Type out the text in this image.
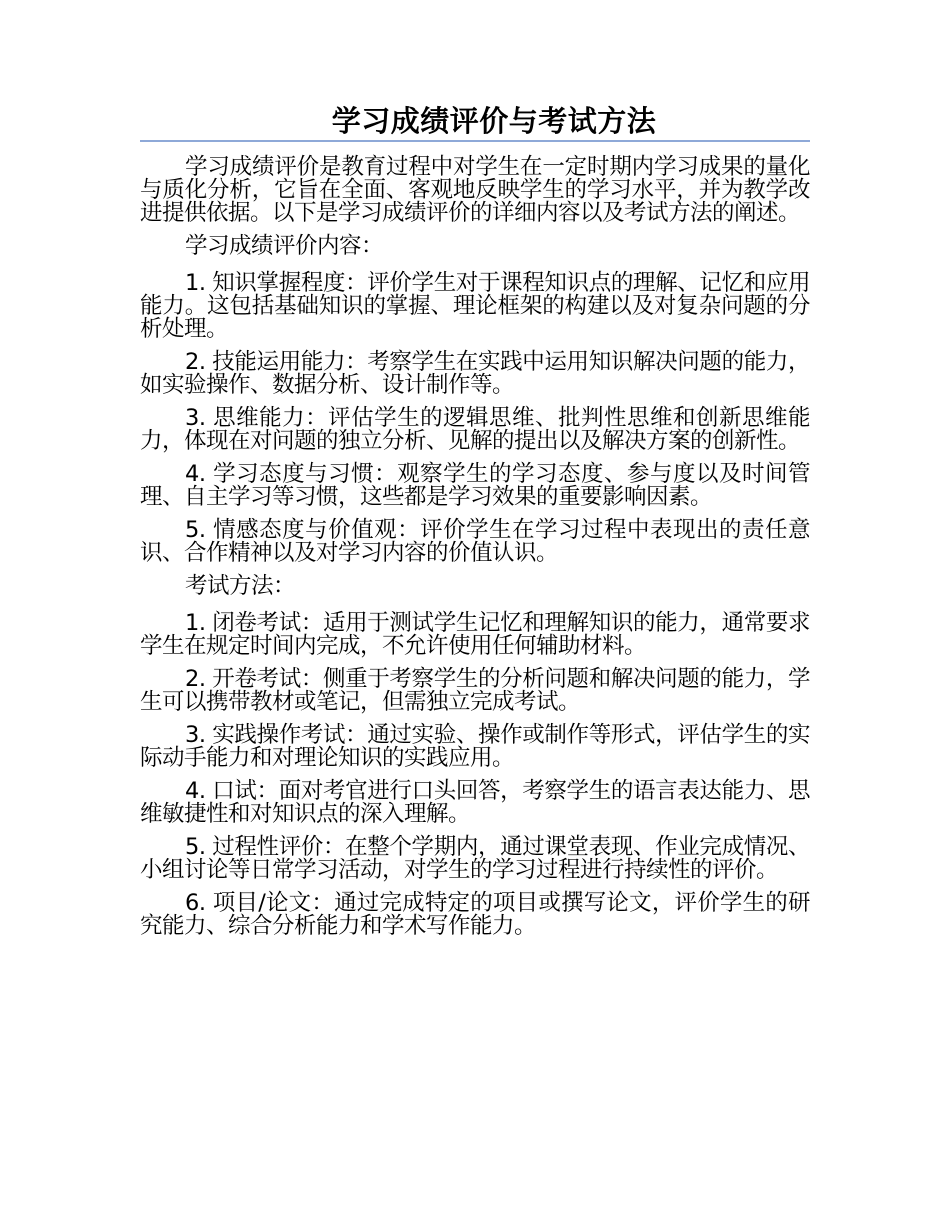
学习成绩评价与考试方法

学习成绩评价是教育过程中对学生在一定时期内学习成果的量化与质化分析，它旨在全面、客观地反映学生的学习水平，并为教学改进提供依据。以下是学习成绩评价的详细内容以及考试方法的阐述。

学习成绩评价内容：

1. 知识掌握程度：评价学生对于课程知识点的理解、记忆和应用能力。这包括基础知识的掌握、理论框架的构建以及对复杂问题的分析处理。

2. 技能运用能力：考察学生在实践中运用知识解决问题的能力，如实验操作、数据分析、设计制作等。

3. 思维能力：评估学生的逻辑思维、批判性思维和创新思维能力，体现在对问题的独立分析、见解的提出以及解决方案的创新性。

4. 学习态度与习惯：观察学生的学习态度、参与度以及时间管理、自主学习等习惯，这些都是学习效果的重要影响因素。

5. 情感态度与价值观：评价学生在学习过程中表现出的责任意识、合作精神以及对学习内容的价值认识。

考试方法：

1. 闭卷考试：适用于测试学生记忆和理解知识的能力，通常要求学生在规定时间内完成，不允许使用任何辅助材料。

2. 开卷考试：侧重于考察学生的分析问题和解决问题的能力，学生可以携带教材或笔记，但需独立完成考试。

3. 实践操作考试：通过实验、操作或制作等形式，评估学生的实际动手能力和对理论知识的实践应用。

4. 口试：面对考官进行口头回答，考察学生的语言表达能力、思维敏捷性和对知识点的深入理解。

5. 过程性评价：在整个学期内，通过课堂表现、作业完成情况、小组讨论等日常学习活动，对学生的学习过程进行持续性的评价。

6. 项目/论文：通过完成特定的项目或撰写论文，评价学生的研究能力、综合分析能力和学术写作能力。
